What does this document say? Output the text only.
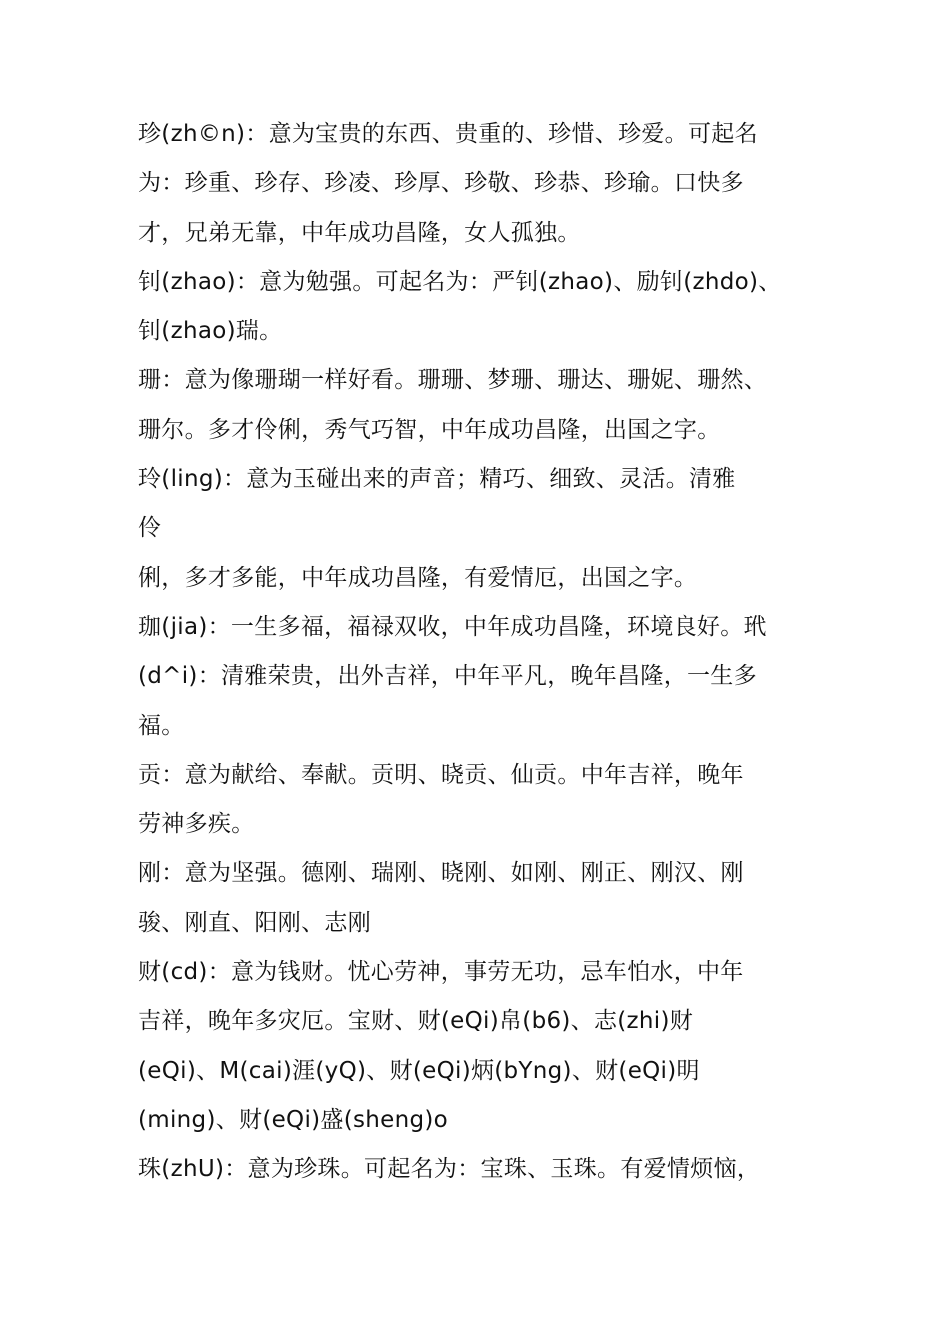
珍(zh©n)：意为宝贵的东西、贵重的、珍惜、珍爱。可起名
为：珍重、珍存、珍凌、珍厚、珍敬、珍恭、珍瑜。口快多
才，兄弟无靠，中年成功昌隆，女人孤独。
钊(zhao)：意为勉强。可起名为：严钊(zhao)、励钊(zhdo)、
钊(zhao)瑞。
珊：意为像珊瑚一样好看。珊珊、梦珊、珊达、珊妮、珊然、
珊尔。多才伶俐，秀气巧智，中年成功昌隆，出国之字。
玲(ling)：意为玉碰出来的声音；精巧、细致、灵活。清雅
伶
俐，多才多能，中年成功昌隆，有爱情厄，出国之字。
珈(jia)：一生多福，福禄双收，中年成功昌隆，环境良好。玳
(d^i)：清雅荣贵，出外吉祥，中年平凡，晚年昌隆，一生多
福。
贡：意为献给、奉献。贡明、晓贡、仙贡。中年吉祥，晚年
劳神多疾。
刚：意为坚强。德刚、瑞刚、晓刚、如刚、刚正、刚汉、刚
骏、刚直、阳刚、志刚
财(cd)：意为钱财。忧心劳神，事劳无功，忌车怕水，中年
吉祥，晚年多灾厄。宝财、财(eQi)帛(b6)、志(zhi)财
(eQi)、M(cai)涯(yQ)、财(eQi)炳(bYng)、财(eQi)明
(ming)、财(eQi)盛(sheng)o
珠(zhU)：意为珍珠。可起名为：宝珠、玉珠。有爱情烦恼，
